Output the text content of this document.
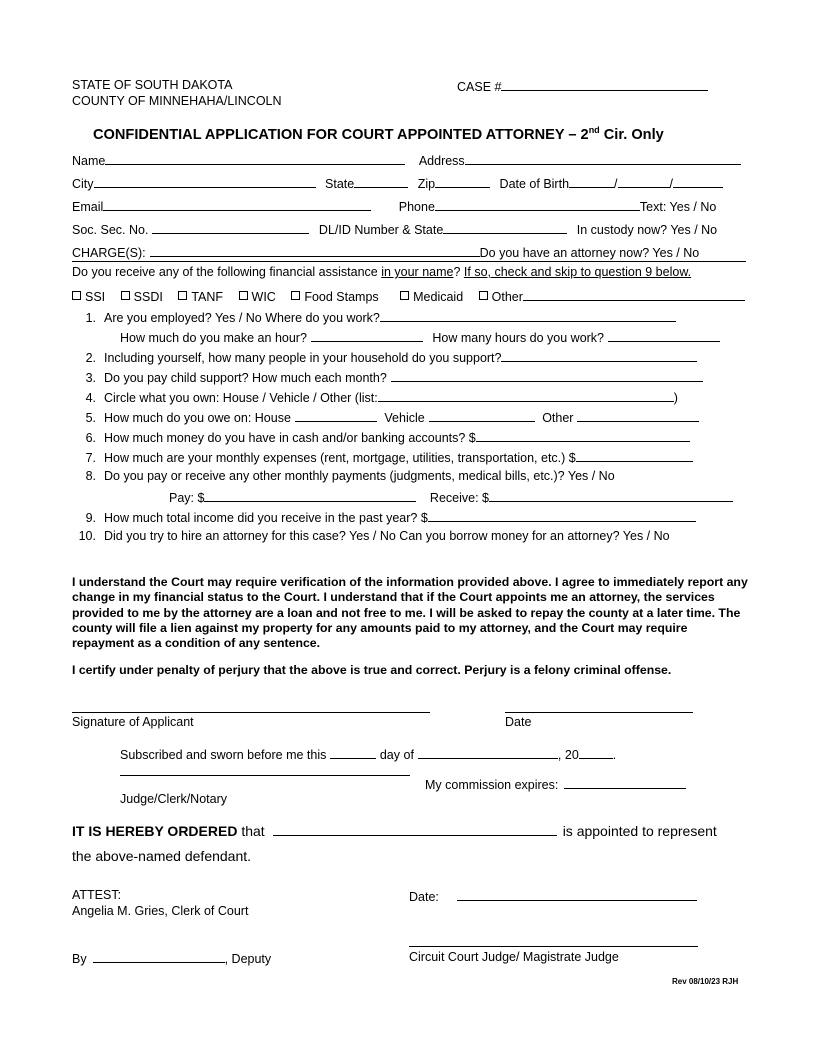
STATE OF SOUTH DAKOTA
COUNTY OF MINNEHAHA/LINCOLN
CASE #
CONFIDENTIAL APPLICATION FOR COURT APPOINTED ATTORNEY – 2nd Cir. Only
Name	Address
City	State	Zip	Date of Birth	/	/
Email	Phone	Text: Yes / No
Soc. Sec. No.	DL/ID Number & State	In custody now? Yes / No
CHARGE(S):	Do you have an attorney now? Yes / No
Do you receive any of the following financial assistance in your name? If so, check and skip to question 9 below.
SSI SSDI TANF WIC Food Stamps	Medicaid Other
1. Are you employed? Yes / No Where do you work?
How much do you make an hour?	How many hours do you work?
2. Including yourself, how many people in your household do you support?
3. Do you pay child support? How much each month?
4. Circle what you own: House / Vehicle / Other (list:	)
5. How much do you owe on: House	Vehicle	Other
6. How much money do you have in cash and/or banking accounts? $
7. How much are your monthly expenses (rent, mortgage, utilities, transportation, etc.) $
8. Do you pay or receive any other monthly payments (judgments, medical bills, etc.)? Yes / No
Pay: $	Receive: $
9. How much total income did you receive in the past year? $
10. Did you try to hire an attorney for this case? Yes / No Can you borrow money for an attorney? Yes / No
I understand the Court may require verification of the information provided above. I agree to immediately report any change in my financial status to the Court. I understand that if the Court appoints me an attorney, the services provided to me by the attorney are a loan and not free to me. I will be asked to repay the county at a later time. The county will file a lien against my property for any amounts paid to my attorney, and the Court may require repayment as a condition of any sentence.
I certify under penalty of perjury that the above is true and correct. Perjury is a felony criminal offense.
Signature of Applicant	Date
Subscribed and sworn before me this	day of	, 20	.
My commission expires:
Judge/Clerk/Notary
IT IS HEREBY ORDERED that	is appointed to represent
the above-named defendant.
ATTEST:
Angelia M. Gries, Clerk of Court
Date:
By	, Deputy	Circuit Court Judge/ Magistrate Judge
Rev 08/10/23 RJH
